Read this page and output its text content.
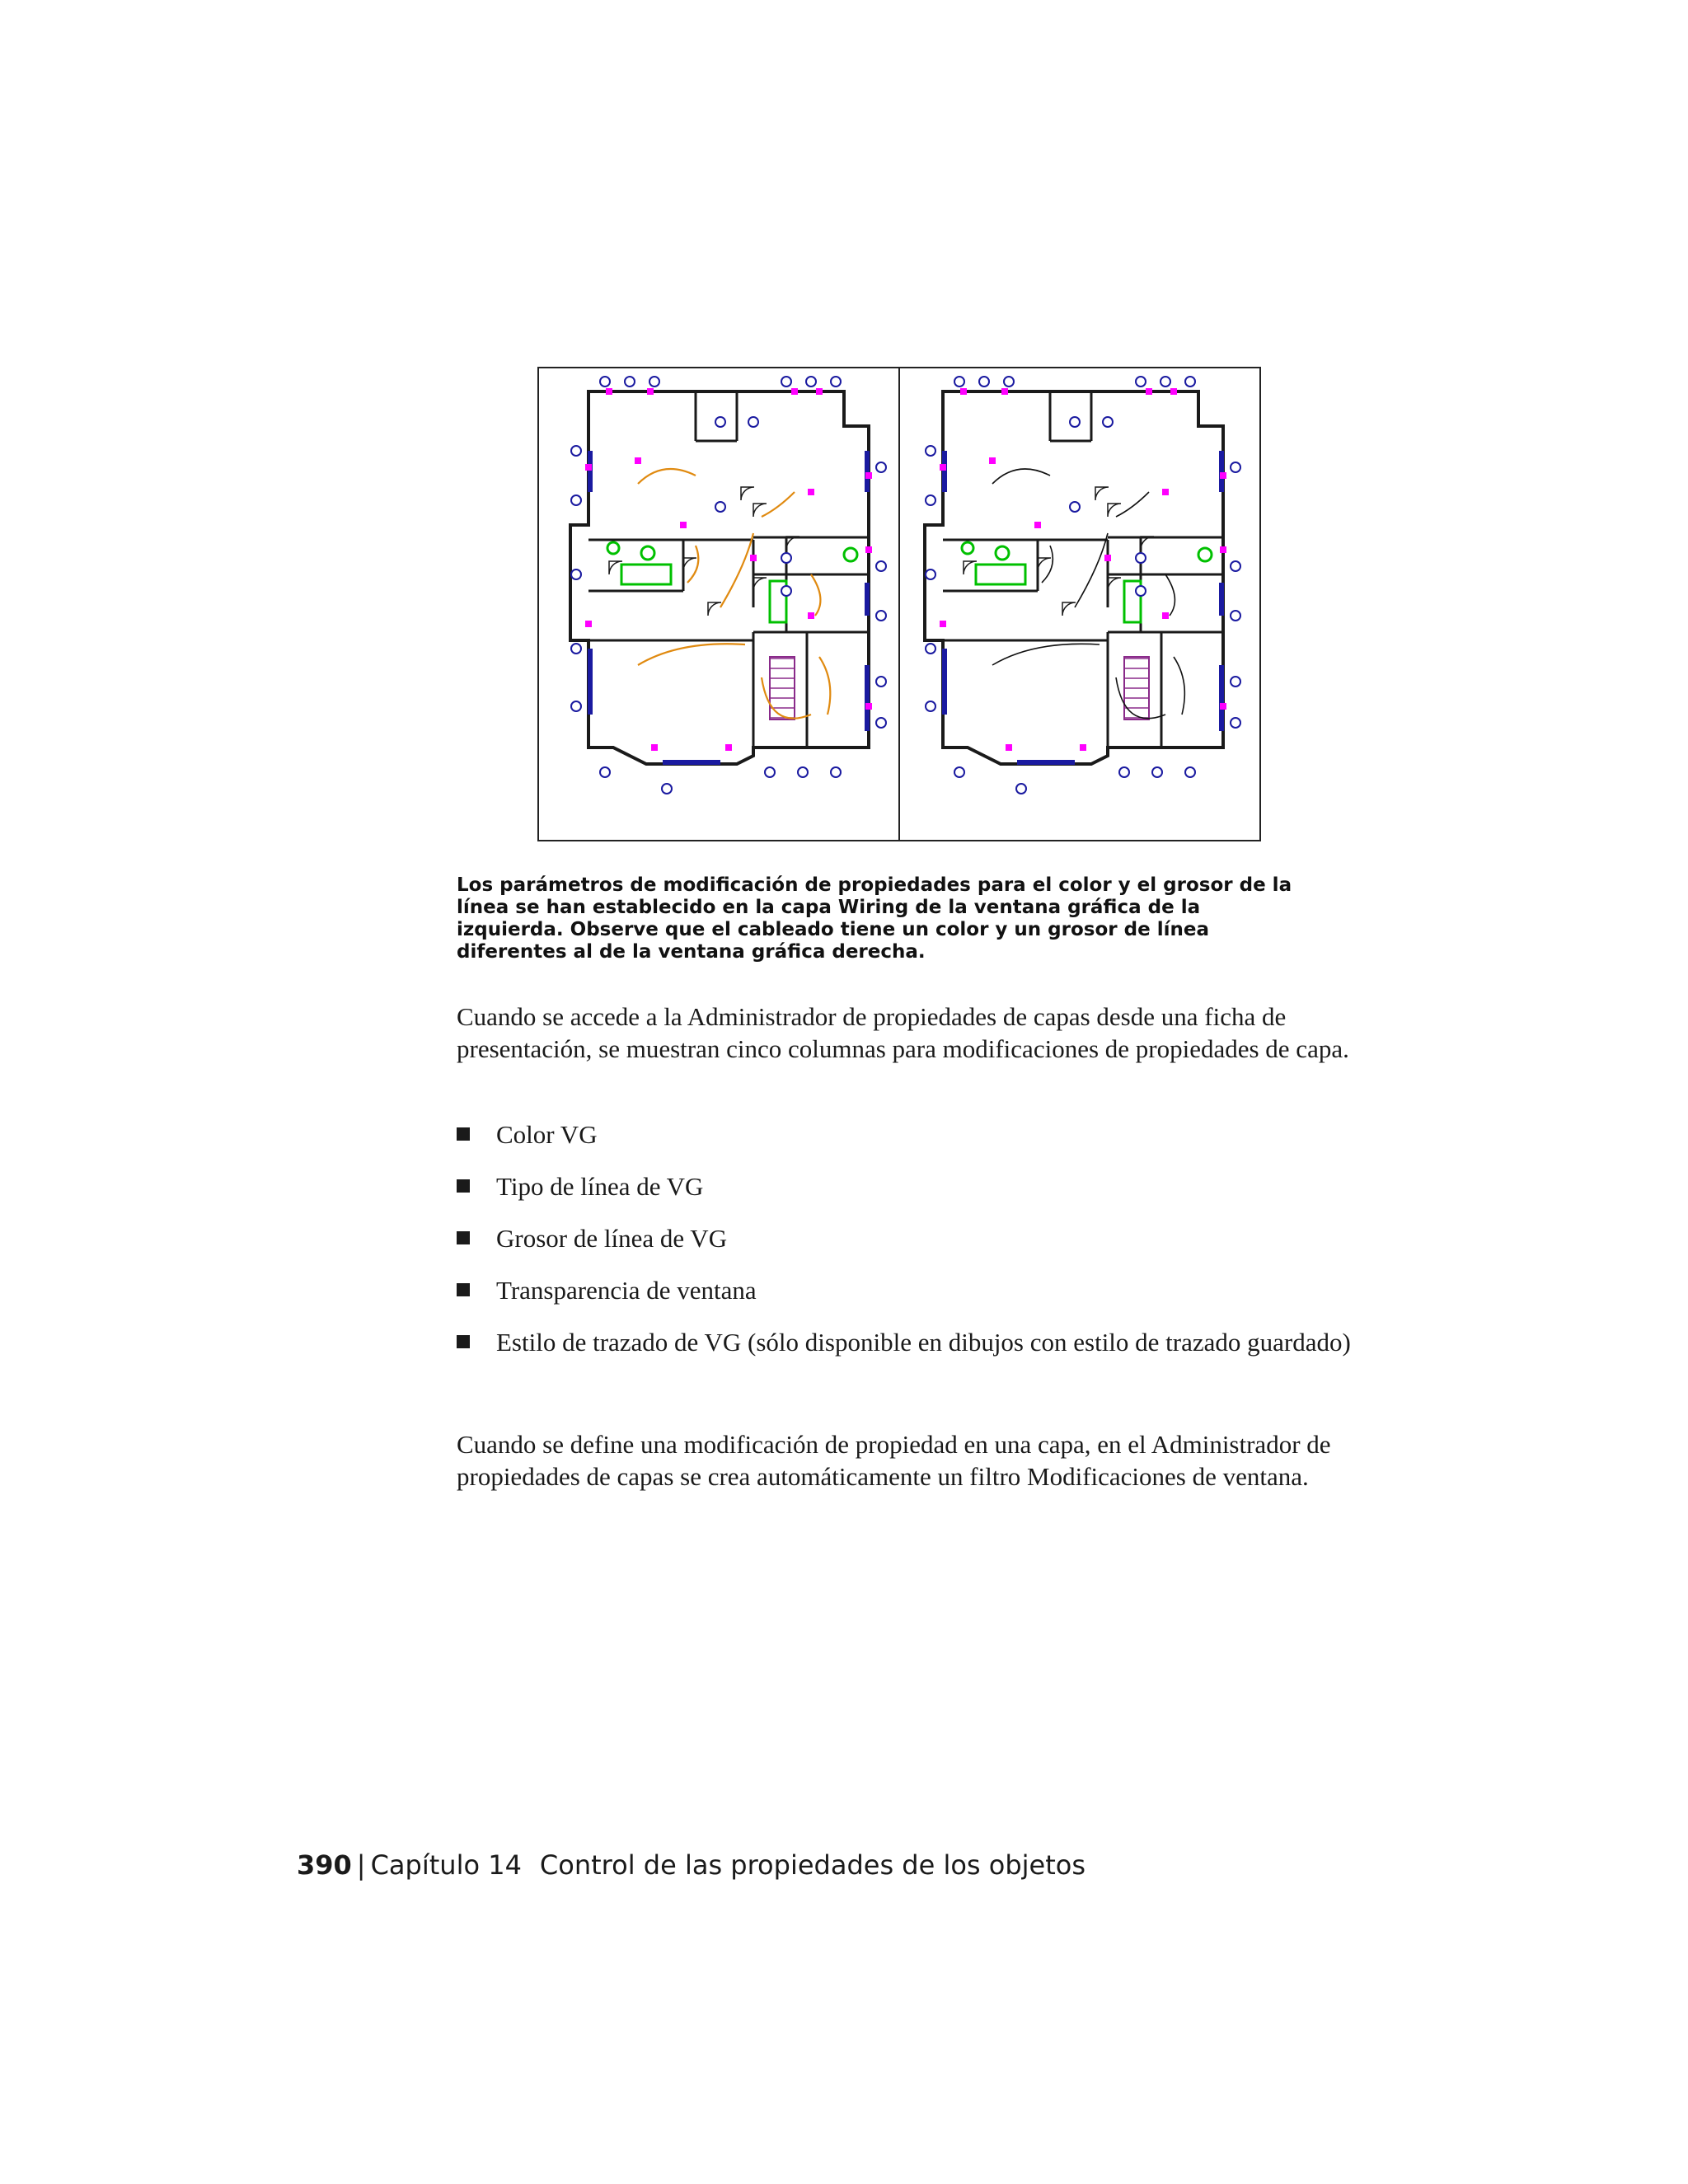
Los parámetros de modificación de propiedades para el color y el grosor de la línea se han establecido en la capa Wiring de la ventana gráfica de la izquierda. Observe que el cableado tiene un color y un grosor de línea diferentes al de la ventana gráfica derecha.

Cuando se accede a la Administrador de propiedades de capas desde una ficha de presentación, se muestran cinco columnas para modificaciones de propiedades de capa.

Color VG
Tipo de línea de VG
Grosor de línea de VG
Transparencia de ventana
Estilo de trazado de VG (sólo disponible en dibujos con estilo de trazado guardado)

Cuando se define una modificación de propiedad en una capa, en el Administrador de propiedades de capas se crea automáticamente un filtro Modificaciones de ventana.

390 | Capítulo 14 Control de las propiedades de los objetos
